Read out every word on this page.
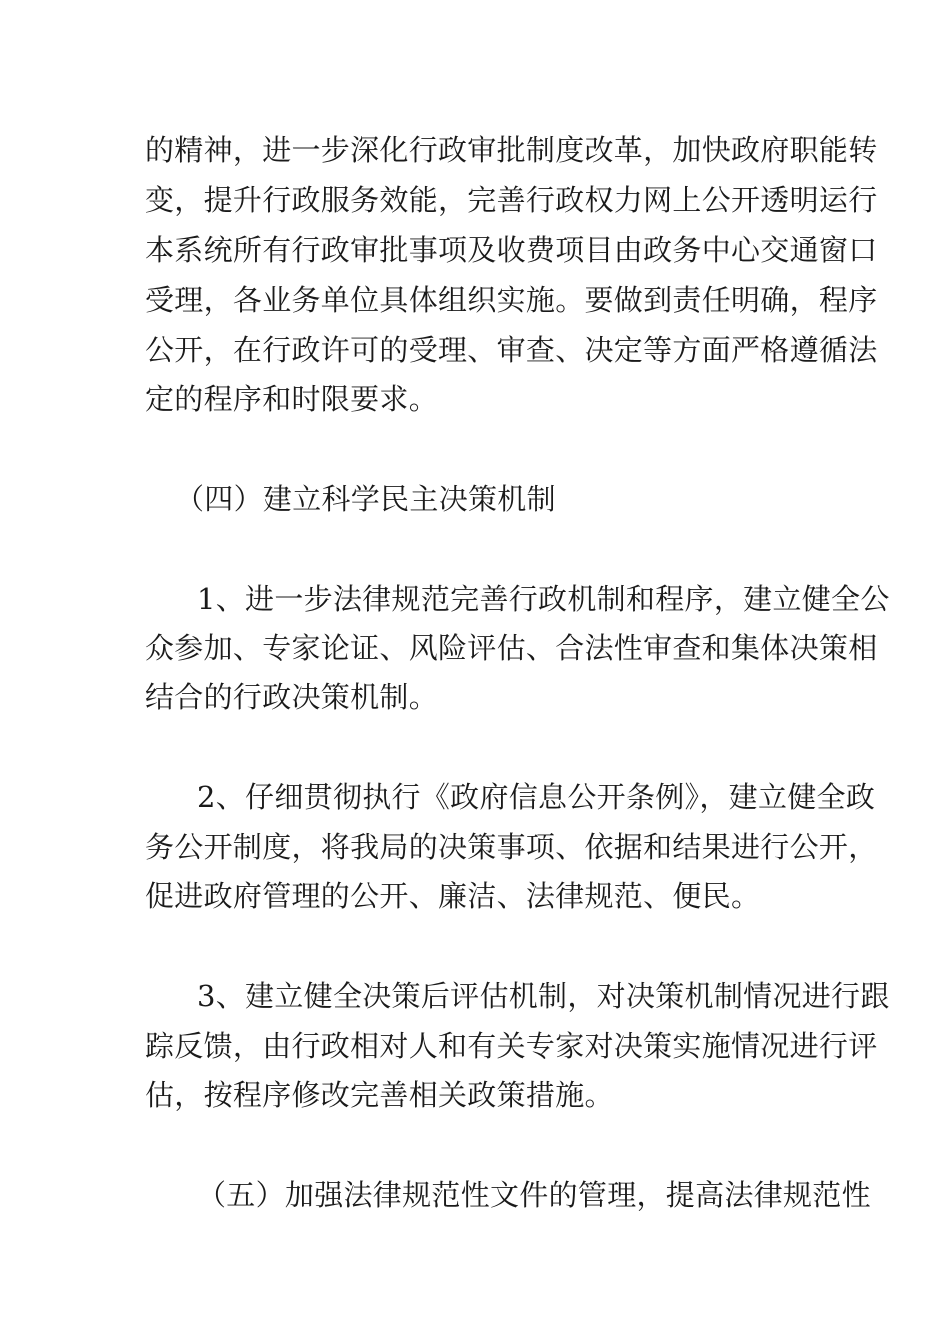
的精神，进一步深化行政审批制度改革，加快政府职能转
变，提升行政服务效能，完善行政权力网上公开透明运行
本系统所有行政审批事项及收费项目由政务中心交通窗口
受理，各业务单位具体组织实施。要做到责任明确，程序
公开，在行政许可的受理、审查、决定等方面严格遵循法
定的程序和时限要求。
（四）建立科学民主决策机制
1、进一步法律规范完善行政机制和程序，建立健全公
众参加、专家论证、风险评估、合法性审查和集体决策相
结合的行政决策机制。
2、仔细贯彻执行《政府信息公开条例》，建立健全政
务公开制度，将我局的决策事项、依据和结果进行公开，
促进政府管理的公开、廉洁、法律规范、便民。
3、建立健全决策后评估机制，对决策机制情况进行跟
踪反馈，由行政相对人和有关专家对决策实施情况进行评
估，按程序修改完善相关政策措施。
（五）加强法律规范性文件的管理，提高法律规范性
